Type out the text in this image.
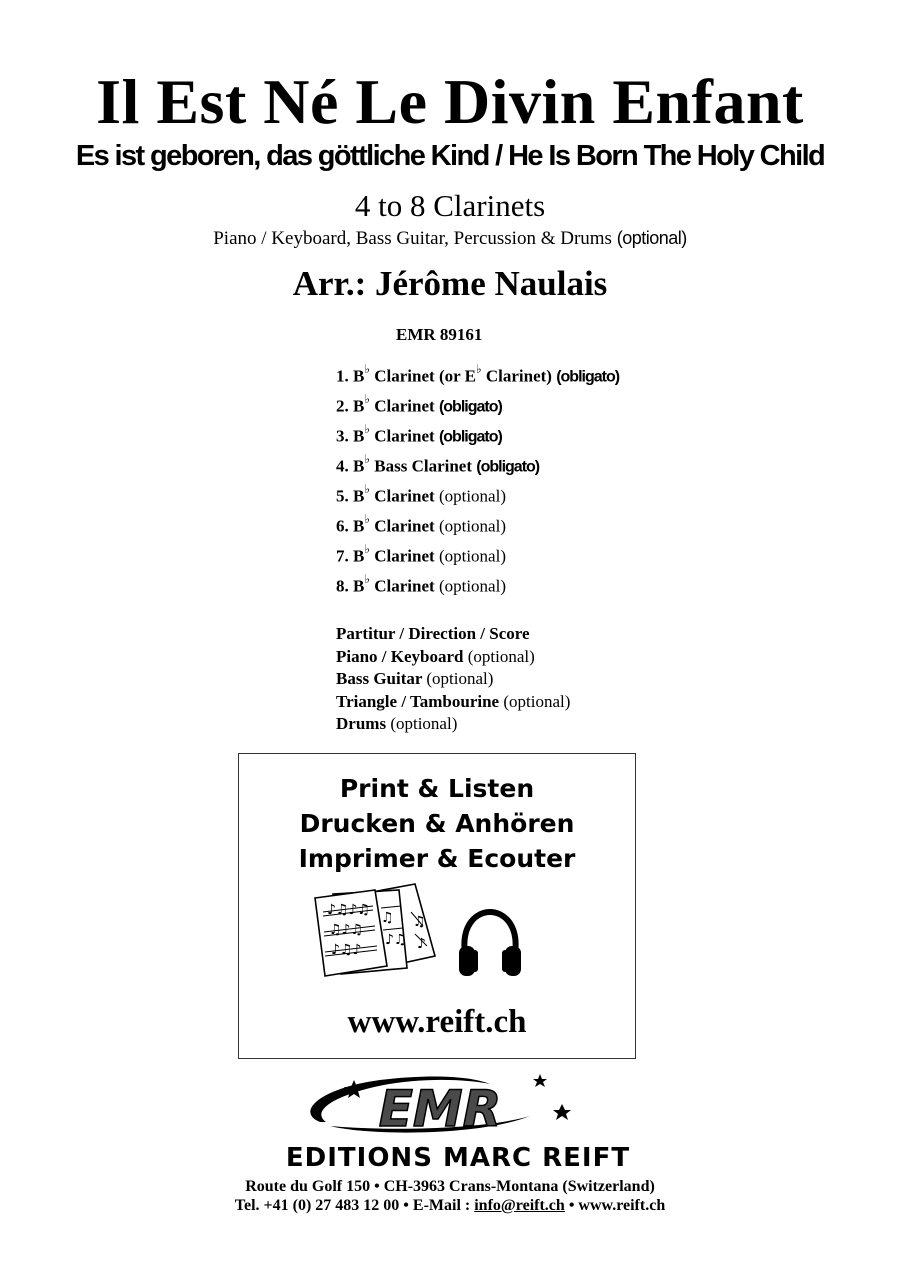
Il Est Né Le Divin Enfant
Es ist geboren, das göttliche Kind / He Is Born The Holy Child
4 to 8 Clarinets
Piano / Keyboard, Bass Guitar, Percussion & Drums (optional)
Arr.: Jérôme Naulais
EMR 89161
1. B♭ Clarinet (or E♭ Clarinet) (obligato)
2. B♭ Clarinet (obligato)
3. B♭ Clarinet (obligato)
4. B♭ Bass Clarinet (obligato)
5. B♭ Clarinet (optional)
6. B♭ Clarinet (optional)
7. B♭ Clarinet (optional)
8. B♭ Clarinet (optional)
Partitur / Direction / Score
Piano / Keyboard (optional)
Bass Guitar (optional)
Triangle / Tambourine (optional)
Drums (optional)
Print & Listen
Drucken & Anhören
Imprimer & Ecouter
♪♫♪♫
♫♪♫
♪♫♪
♫
♪♫
♫
♪
www.reift.ch
EMR
EDITIONS MARC REIFT
Route du Golf 150 • CH-3963 Crans-Montana (Switzerland)
Tel. +41 (0) 27 483 12 00 • E-Mail : info@reift.ch • www.reift.ch
